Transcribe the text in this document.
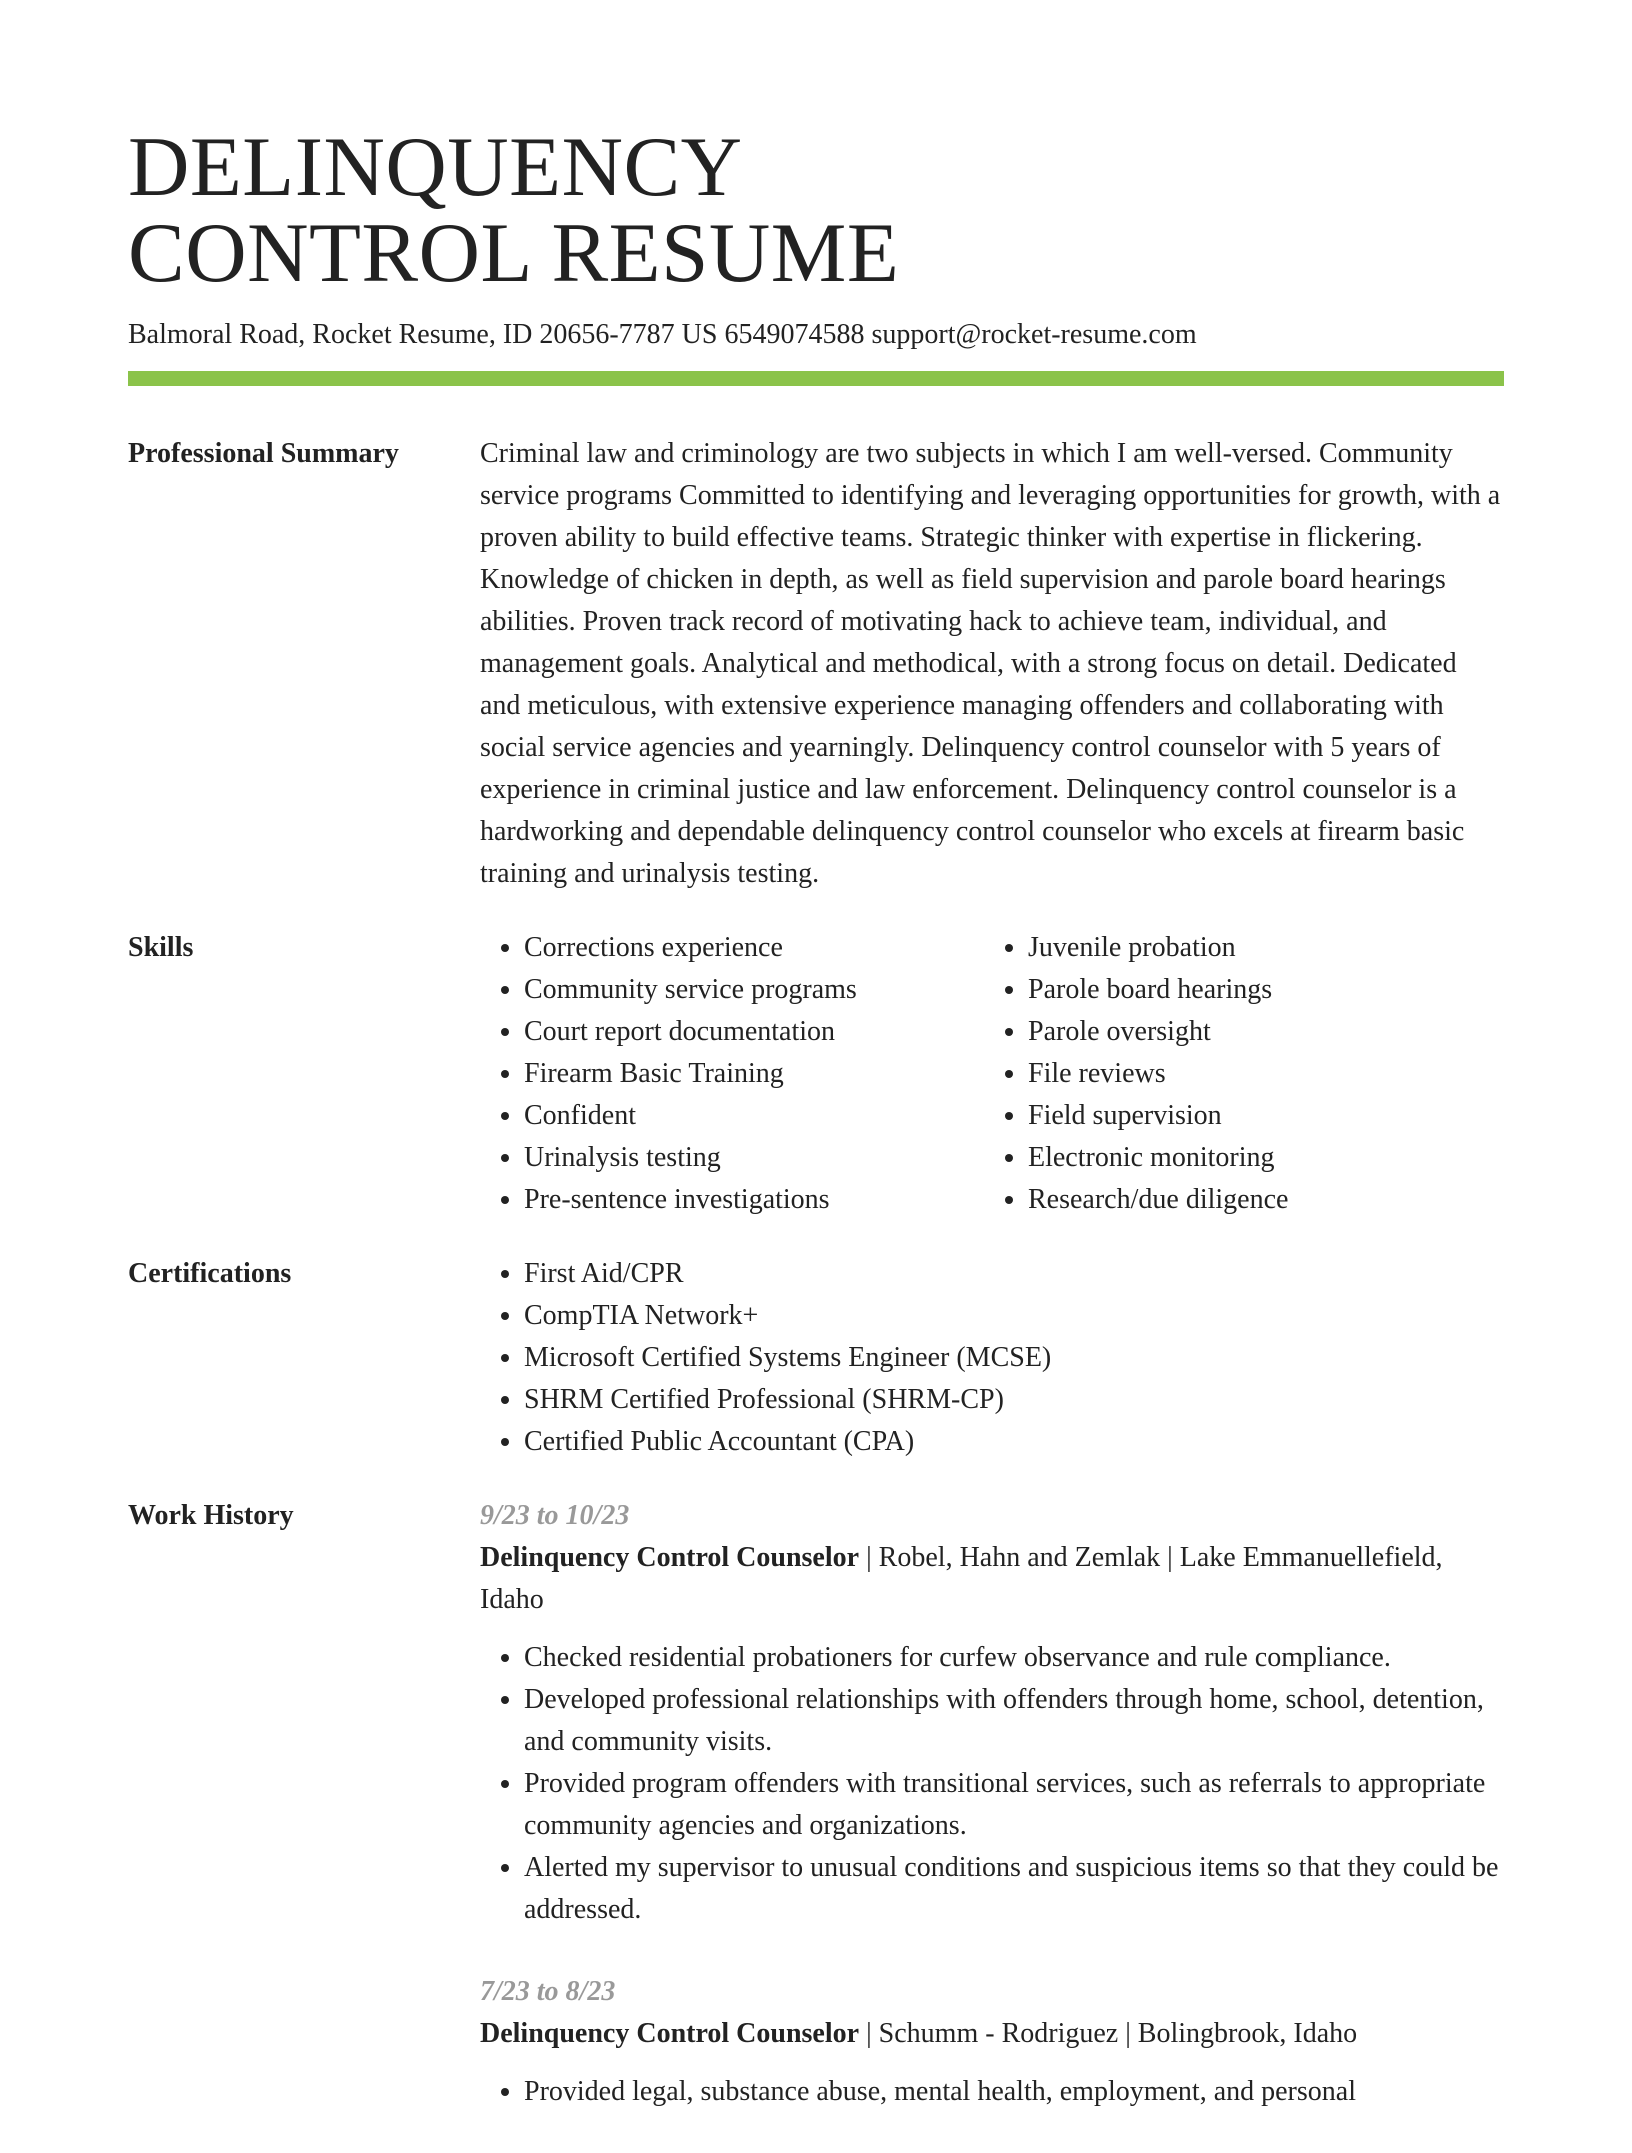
DELINQUENCY
CONTROL RESUME
Balmoral Road, Rocket Resume, ID 20656-7787 US 6549074588 support@rocket-resume.com
Professional Summary	Criminal law and criminology are two subjects in which I am well-versed. Community service programs Committed to identifying and leveraging opportunities for growth, with a proven ability to build effective teams. Strategic thinker with expertise in flickering. Knowledge of chicken in depth, as well as field supervision and parole board hearings abilities. Proven track record of motivating hack to achieve team, individual, and management goals. Analytical and methodical, with a strong focus on detail. Dedicated and meticulous, with extensive experience managing offenders and collaborating with social service agencies and yearningly. Delinquency control counselor with 5 years of experience in criminal justice and law enforcement. Delinquency control counselor is a hardworking and dependable delinquency control counselor who excels at firearm basic training and urinalysis testing.

Skills	• Corrections experience
• Community service programs
• Court report documentation
• Firearm Basic Training
• Confident
• Urinalysis testing
• Pre-sentence investigations
• Juvenile probation
• Parole board hearings
• Parole oversight
• File reviews
• Field supervision
• Electronic monitoring
• Research/due diligence
Certifications	• First Aid/CPR
• CompTIA Network+
• Microsoft Certified Systems Engineer (MCSE)
• SHRM Certified Professional (SHRM-CP)
• Certified Public Accountant (CPA)
Work History	9/23 to 10/23
Delinquency Control Counselor | Robel, Hahn and Zemlak | Lake Emmanuellefield, Idaho
• Checked residential probationers for curfew observance and rule compliance.
• Developed professional relationships with offenders through home, school, detention, and community visits.
• Provided program offenders with transitional services, such as referrals to appropriate community agencies and organizations.
• Alerted my supervisor to unusual conditions and suspicious items so that they could be addressed.
7/23 to 8/23
Delinquency Control Counselor | Schumm - Rodriguez | Bolingbrook, Idaho
• Provided legal, substance abuse, mental health, employment, and personal
